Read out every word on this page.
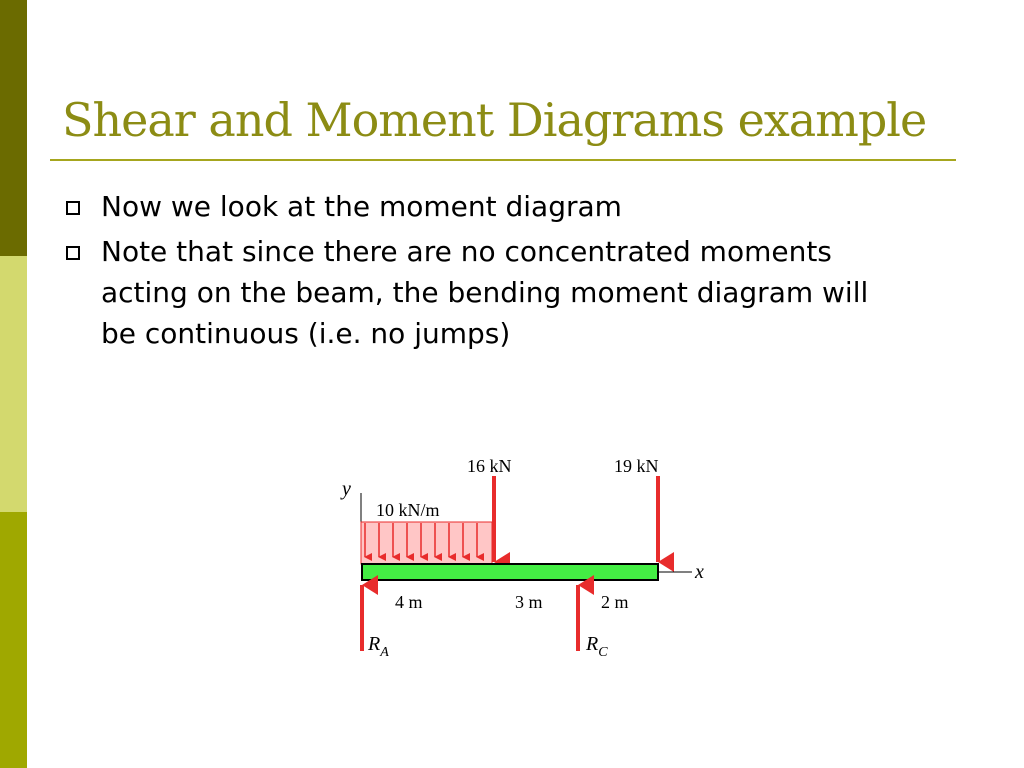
Shear and Moment Diagrams example
Now we look at the moment diagram
Note that since there are no concentrated moments acting on the beam, the bending moment diagram will be continuous (i.e. no jumps)
y
10 kN/m
16 kN	19 kN
x
4 m	3 m	2 m
$R_A$	$R_C$
